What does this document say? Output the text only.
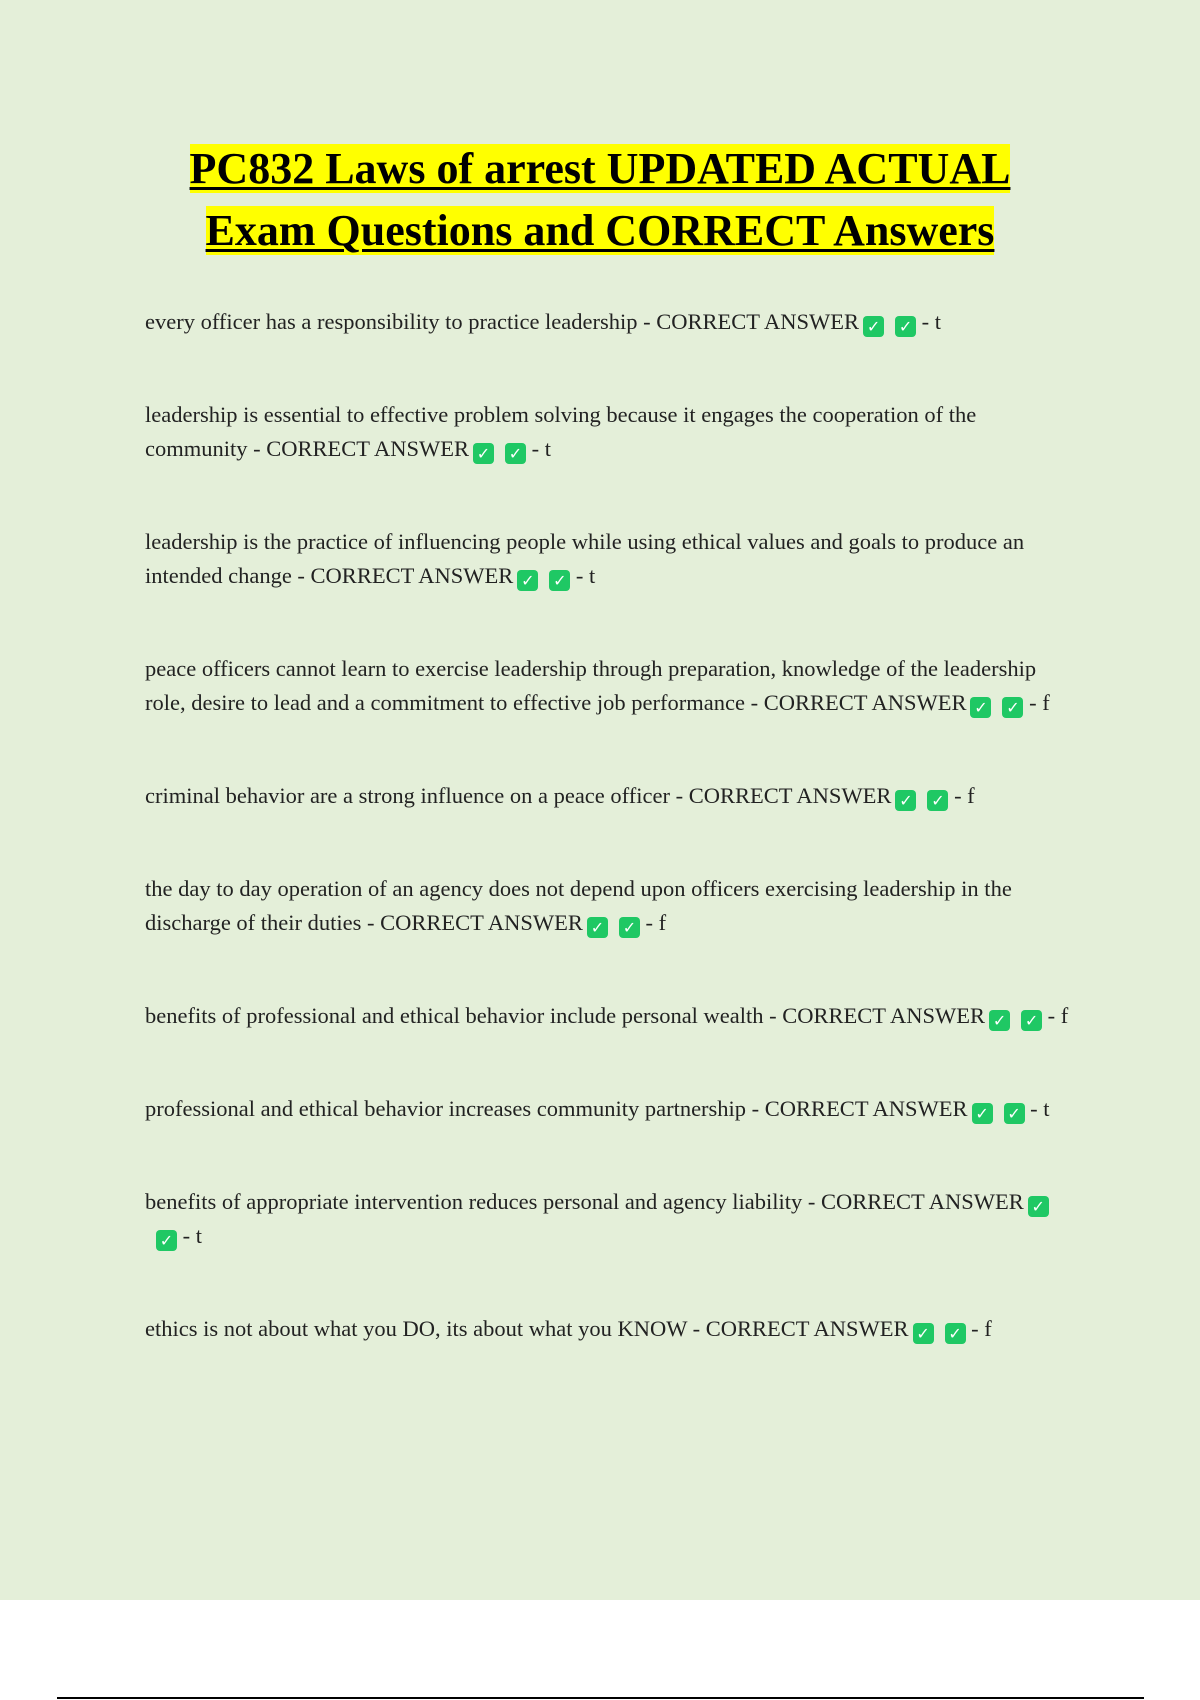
PC832 Laws of arrest UPDATED ACTUAL
Exam Questions and CORRECT Answers

every officer has a responsibility to practice leadership - CORRECT ANSWER ✓ ✓ - t

leadership is essential to effective problem solving because it engages the cooperation of the community - CORRECT ANSWER ✓ ✓ - t

leadership is the practice of influencing people while using ethical values and goals to produce an intended change - CORRECT ANSWER ✓ ✓ - t

peace officers cannot learn to exercise leadership through preparation, knowledge of the leadership role, desire to lead and a commitment to effective job performance - CORRECT ANSWER ✓ ✓ - f

criminal behavior are a strong influence on a peace officer - CORRECT ANSWER ✓ ✓ - f

the day to day operation of an agency does not depend upon officers exercising leadership in the discharge of their duties - CORRECT ANSWER ✓ ✓ - f

benefits of professional and ethical behavior include personal wealth - CORRECT ANSWER ✓ ✓ - f

professional and ethical behavior increases community partnership - CORRECT ANSWER ✓ ✓ - t

benefits of appropriate intervention reduces personal and agency liability - CORRECT ANSWER ✓✓ - t

ethics is not about what you DO, its about what you KNOW - CORRECT ANSWER ✓ ✓ - f
